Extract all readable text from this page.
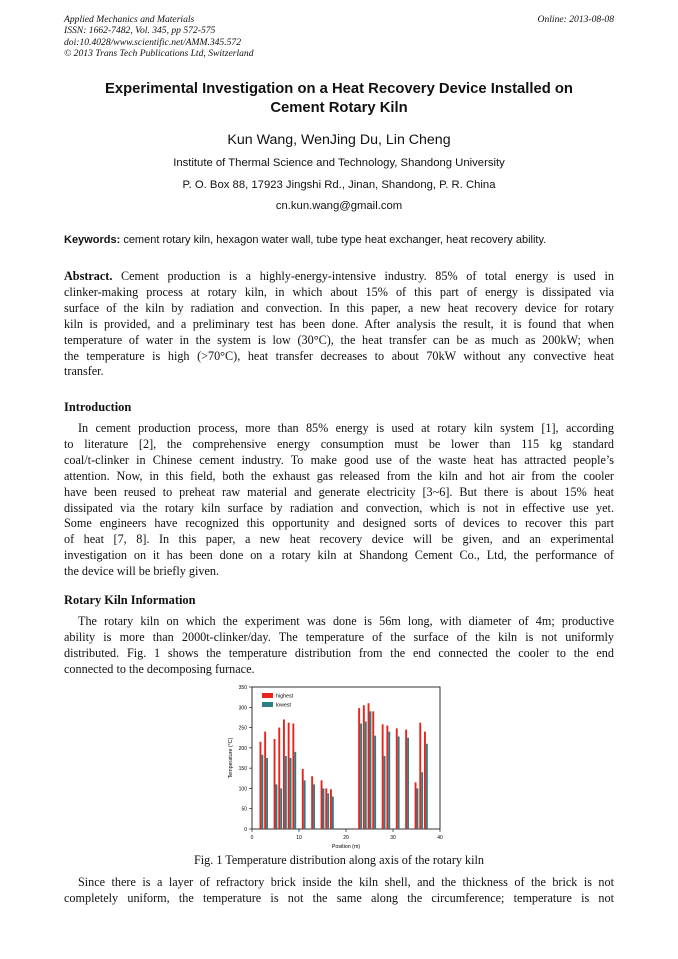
Applied Mechanics and Materials
ISSN: 1662-7482, Vol. 345, pp 572-575
doi:10.4028/www.scientific.net/AMM.345.572
© 2013 Trans Tech Publications Ltd, Switzerland
Online: 2013-08-08
Experimental Investigation on a Heat Recovery Device Installed on
Cement Rotary Kiln
Kun Wang, WenJing Du, Lin Cheng
Institute of Thermal Science and Technology, Shandong University
P. O. Box 88, 17923 Jingshi Rd., Jinan, Shandong, P. R. China
cn.kun.wang@gmail.com
Keywords: cement rotary kiln, hexagon water wall, tube type heat exchanger, heat recovery ability.
Abstract. Cement production is a highly-energy-intensive industry. 85% of total energy is used in
clinker-making process at rotary kiln, in which about 15% of this part of energy is dissipated via
surface of the kiln by radiation and convection. In this paper, a new heat recovery device for rotary
kiln is provided, and a preliminary test has been done. After analysis the result, it is found that when
temperature of water in the system is low (30°C), the heat transfer can be as much as 200kW; when
the temperature is high (>70°C), heat transfer decreases to about 70kW without any convective heat
transfer.
Introduction
In cement production process, more than 85% energy is used at rotary kiln system [1], according
to literature [2], the comprehensive energy consumption must be lower than 115 kg standard
coal/t-clinker in Chinese cement industry. To make good use of the waste heat has attracted people’s
attention. Now, in this field, both the exhaust gas released from the kiln and hot air from the cooler
have been reused to preheat raw material and generate electricity [3~6]. But there is about 15% heat
dissipated via the rotary kiln surface by radiation and convection, which is not in effective use yet.
Some engineers have recognized this opportunity and designed sorts of devices to recover this part
of heat [7, 8]. In this paper, a new heat recovery device will be given, and an experimental
investigation on it has been done on a rotary kiln at Shandong Cement Co., Ltd, the performance of
the device will be briefly given.
Rotary Kiln Information
The rotary kiln on which the experiment was done is 56m long, with diameter of 4m; productive
ability is more than 2000t-clinker/day. The temperature of the surface of the kiln is not uniformly
distributed. Fig. 1 shows the temperature distribution from the end connected the cooler to the end
connected to the decomposing furnace.
0
50
100
150
200
250
300
350
0	10	20	30	40
Position (m)
Temperature (°C)
highest
lowest
Fig. 1 Temperature distribution along axis of the rotary kiln
Since there is a layer of refractory brick inside the kiln shell, and the thickness of the brick is not
completely uniform, the temperature is not the same along the circumference; temperature is not
